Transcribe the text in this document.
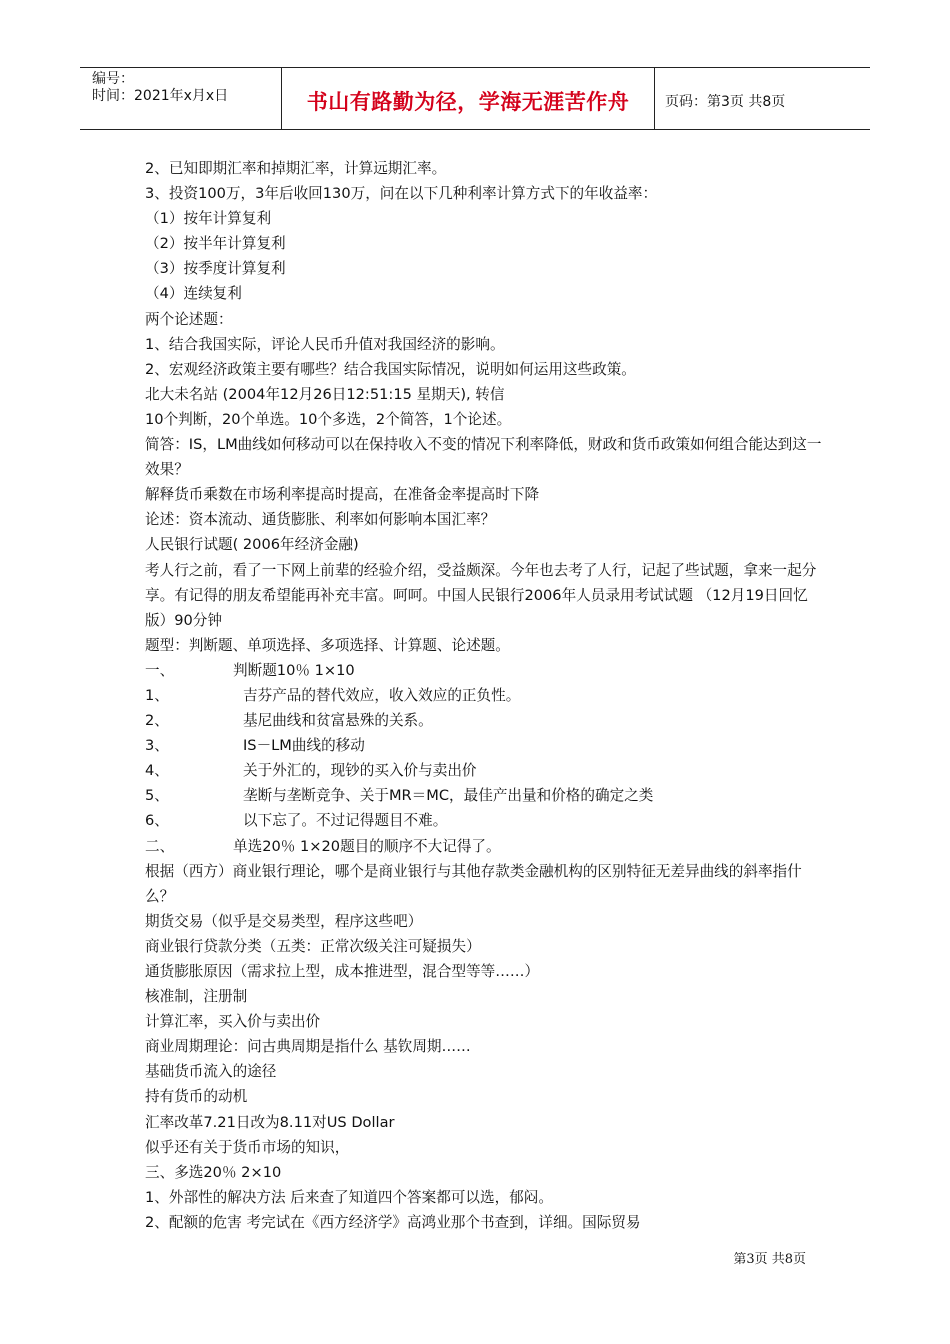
编号：
时间：2021年x月x日	书山有路勤为径，学海无涯苦作舟	页码：第3页 共8页
2、已知即期汇率和掉期汇率，计算远期汇率。
3、投资100万，3年后收回130万，问在以下几种利率计算方式下的年收益率：
（1）按年计算复利
（2）按半年计算复利
（3）按季度计算复利
（4）连续复利
两个论述题：
1、结合我国实际，评论人民币升值对我国经济的影响。
2、宏观经济政策主要有哪些？结合我国实际情况，说明如何运用这些政策。
北大未名站 (2004年12月26日12:51:15 星期天), 转信
10个判断，20个单选。10个多选，2个简答，1个论述。
简答：IS，LM曲线如何移动可以在保持收入不变的情况下利率降低，财政和货币政策如何组合能达到这一效果？
解释货币乘数在市场利率提高时提高，在准备金率提高时下降
论述：资本流动、通货膨胀、利率如何影响本国汇率？
人民银行试题( 2006年经济金融)
考人行之前，看了一下网上前辈的经验介绍，受益颇深。今年也去考了人行，记起了些试题，拿来一起分享。有记得的朋友希望能再补充丰富。呵呵。中国人民银行2006年人员录用考试试题 （12月19日回忆版）90分钟
题型：判断题、单项选择、多项选择、计算题、论述题。
一、	判断题10％ 1×10
1、	吉芬产品的替代效应，收入效应的正负性。
2、	基尼曲线和贫富悬殊的关系。
3、	IS－LM曲线的移动
4、	关于外汇的，现钞的买入价与卖出价
5、	垄断与垄断竞争、关于MR＝MC，最佳产出量和价格的确定之类
6、	以下忘了。不过记得题目不难。
二、	单选20％ 1×20题目的顺序不大记得了。
根据（西方）商业银行理论，哪个是商业银行与其他存款类金融机构的区别特征无差异曲线的斜率指什么？
期货交易（似乎是交易类型，程序这些吧）
商业银行贷款分类（五类：正常次级关注可疑损失）
通货膨胀原因（需求拉上型，成本推进型，混合型等等……）
核准制，注册制
计算汇率，买入价与卖出价
商业周期理论：问古典周期是指什么 基钦周期……
基础货币流入的途径
持有货币的动机
汇率改革7.21日改为8.11对US Dollar
似乎还有关于货币市场的知识，
三、多选20％ 2×10
1、外部性的解决方法 后来查了知道四个答案都可以选，郁闷。
2、配额的危害 考完试在《西方经济学》高鸿业那个书查到，详细。国际贸易
第3页 共8页
